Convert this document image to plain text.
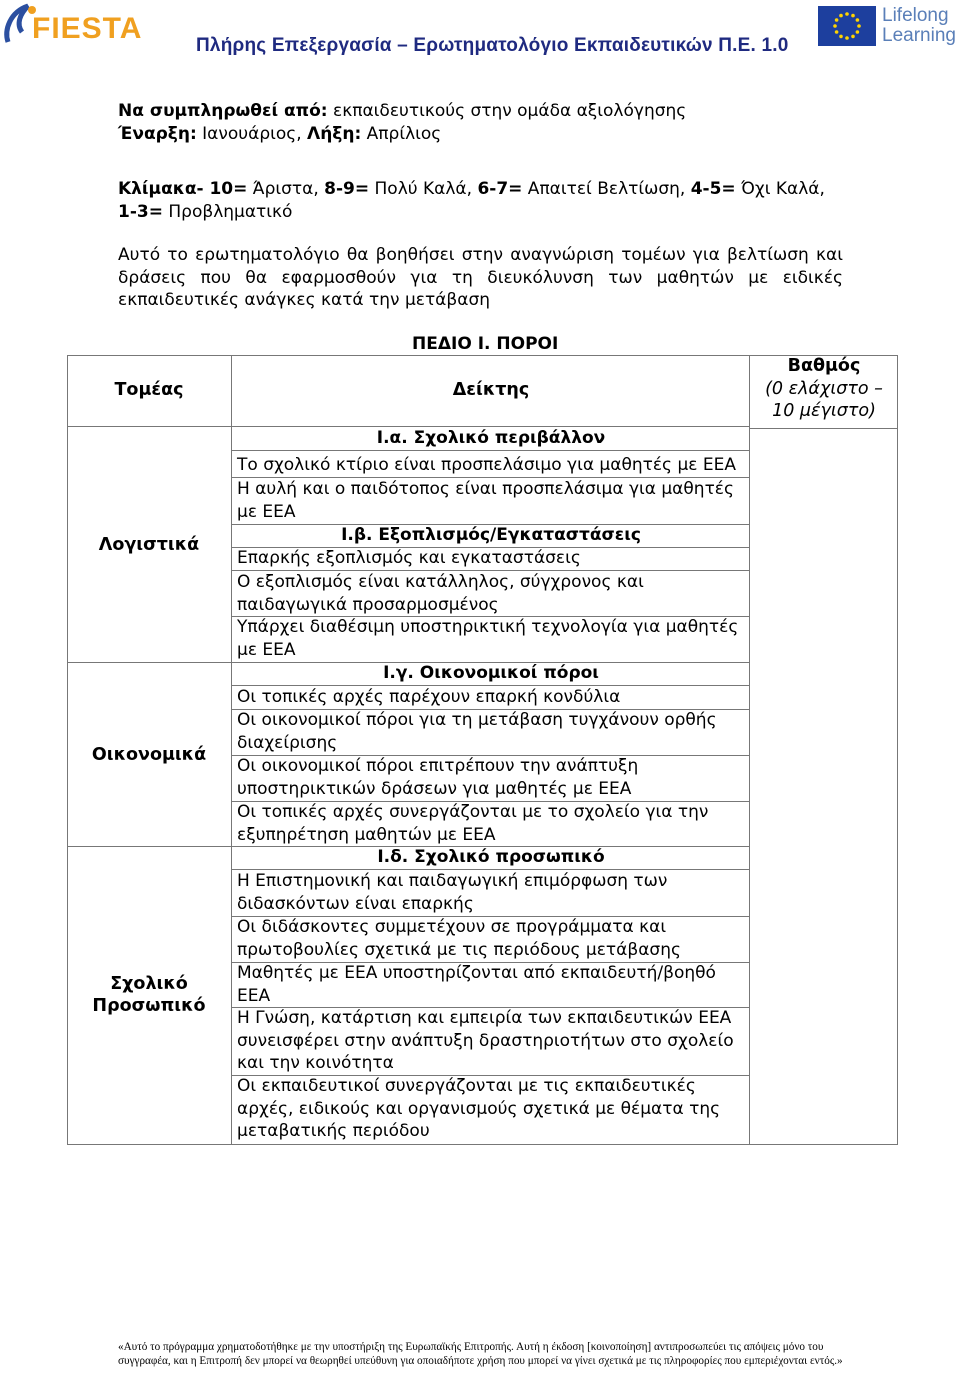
FIESTA
Πλήρης Επεξεργασία – Ερωτηματολόγιο Εκπαιδευτικών Π.Ε. 1.0
Lifelong
Learning
Να συμπληρωθεί από: εκπαιδευτικούς στην ομάδα αξιολόγησης
Έναρξη: Ιανουάριος, Λήξη: Απρίλιος
Κλίμακα- 10= Άριστα, 8-9= Πολύ Καλά, 6-7= Απαιτεί Βελτίωση, 4-5= Όχι Καλά, 1-3= Προβληματικό
Αυτό το ερωτηματολόγιο θα βοηθήσει στην αναγνώριση τομέων για βελτίωση και δράσεις που θα εφαρμοσθούν για τη διευκόλυνση των μαθητών με ειδικές εκπαιδευτικές ανάγκες κατά την μετάβαση
ΠΕΔΙΟ Ι. ΠΟΡΟΙ
Τομέας	Δείκτης
Βαθμός
(0 ελάχιστο –
10 μέγιστο)
Λογιστικά
Οικονομικά
Σχολικό
Προσωπικό
Ι.α. Σχολικό περιβάλλον
Το σχολικό κτίριο είναι προσπελάσιμο για μαθητές με ΕΕΑ
Η αυλή και ο παιδότοπος είναι προσπελάσιμα για μαθητές με ΕΕΑ
Ι.β. Εξοπλισμός/Εγκαταστάσεις
Επαρκής εξοπλισμός και εγκαταστάσεις
Ο εξοπλισμός είναι κατάλληλος, σύγχρονος και παιδαγωγικά προσαρμοσμένος
Υπάρχει διαθέσιμη υποστηρικτική τεχνολογία για μαθητές με ΕΕΑ
Ι.γ. Οικονομικοί πόροι
Οι τοπικές αρχές παρέχουν επαρκή κονδύλια
Οι οικονομικοί πόροι για τη μετάβαση τυγχάνουν ορθής διαχείρισης
Οι οικονομικοί πόροι επιτρέπουν την ανάπτυξη υποστηρικτικών δράσεων για μαθητές με ΕΕΑ
Οι τοπικές αρχές συνεργάζονται με το σχολείο για την εξυπηρέτηση μαθητών με ΕΕΑ
Ι.δ. Σχολικό προσωπικό
Η Επιστημονική και παιδαγωγική επιμόρφωση των διδασκόντων είναι επαρκής
Οι διδάσκοντες συμμετέχουν σε προγράμματα και πρωτοβουλίες σχετικά με τις περιόδους μετάβασης
Μαθητές με ΕΕΑ υποστηρίζονται από εκπαιδευτή/βοηθό ΕΕΑ
Η Γνώση, κατάρτιση και εμπειρία των εκπαιδευτικών ΕΕΑ συνεισφέρει στην ανάπτυξη δραστηριοτήτων στο σχολείο και την κοινότητα
Οι εκπαιδευτικοί συνεργάζονται με τις εκπαιδευτικές αρχές, ειδικούς και οργανισμούς σχετικά με θέματα της μεταβατικής περιόδου
«Αυτό το πρόγραμμα χρηματοδοτήθηκε με την υποστήριξη της Ευρωπαϊκής Επιτροπής. Αυτή η έκδοση [κοινοποίηση] αντιπροσωπεύει τις απόψεις μόνο του συγγραφέα, και η Επιτροπή δεν μπορεί να θεωρηθεί υπεύθυνη για οποιαδήποτε χρήση που μπορεί να γίνει σχετικά με τις πληροφορίες που εμπεριέχονται εντός.»
